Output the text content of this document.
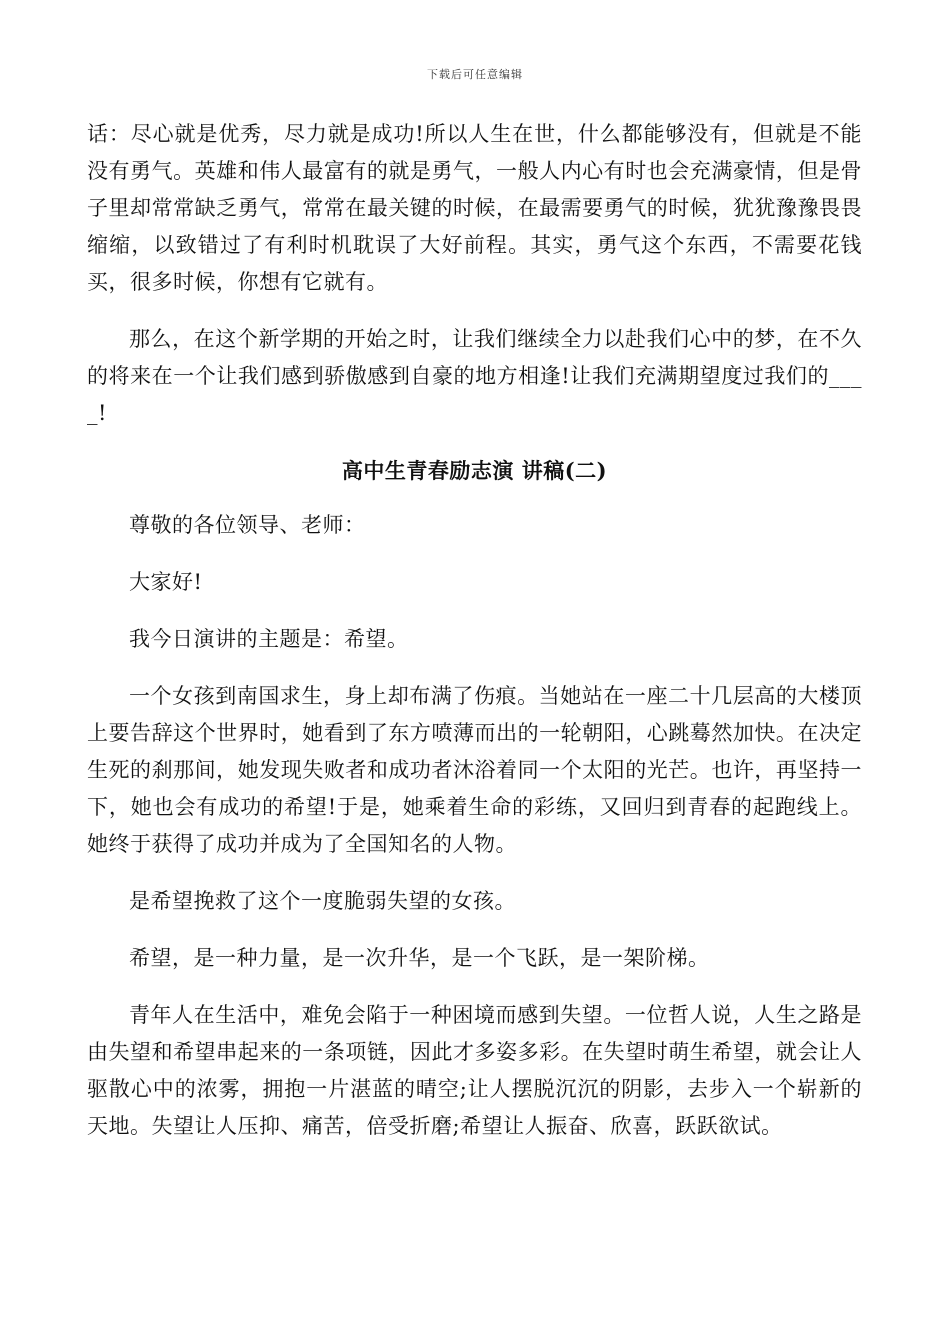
下载后可任意编辑

话：尽心就是优秀，尽力就是成功!所以人生在世，什么都能够没有，但就是不能没有勇气。英雄和伟人最富有的就是勇气，一般人内心有时也会充满豪情，但是骨子里却常常缺乏勇气，常常在最关键的时候，在最需要勇气的时候，犹犹豫豫畏畏缩缩，以致错过了有利时机耽误了大好前程。其实，勇气这个东西，不需要花钱买，很多时候，你想有它就有。

那么，在这个新学期的开始之时，让我们继续全力以赴我们心中的梦，在不久的将来在一个让我们感到骄傲感到自豪的地方相逢!让我们充满期望度过我们的____!

高中生青春励志演 讲稿(二)

尊敬的各位领导、老师：

大家好!

我今日演讲的主题是：希望。

一个女孩到南国求生，身上却布满了伤痕。当她站在一座二十几层高的大楼顶上要告辞这个世界时，她看到了东方喷薄而出的一轮朝阳，心跳蓦然加快。在决定生死的刹那间，她发现失败者和成功者沐浴着同一个太阳的光芒。也许，再坚持一下，她也会有成功的希望!于是，她乘着生命的彩练，又回归到青春的起跑线上。她终于获得了成功并成为了全国知名的人物。

是希望挽救了这个一度脆弱失望的女孩。

希望，是一种力量，是一次升华，是一个飞跃，是一架阶梯。

青年人在生活中，难免会陷于一种困境而感到失望。一位哲人说，人生之路是由失望和希望串起来的一条项链，因此才多姿多彩。在失望时萌生希望，就会让人驱散心中的浓雾，拥抱一片湛蓝的晴空;让人摆脱沉沉的阴影，去步入一个崭新的天地。失望让人压抑、痛苦，倍受折磨;希望让人振奋、欣喜，跃跃欲试。
